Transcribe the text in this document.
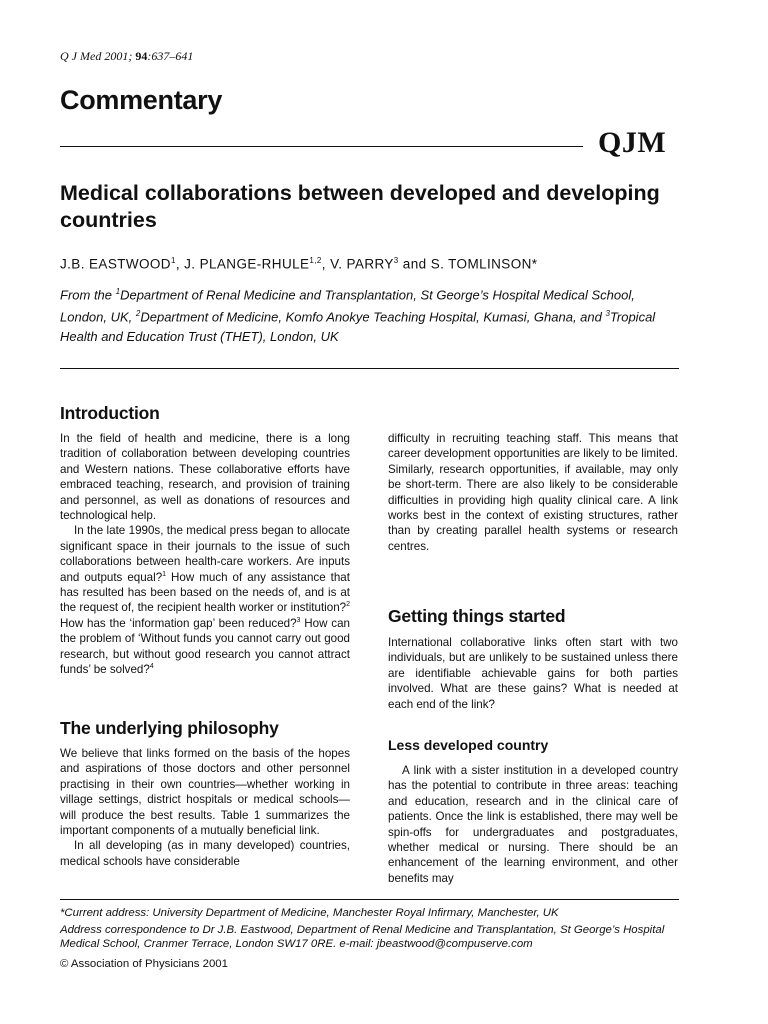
Q J Med 2001; 94:637–641
Commentary
QJM
Medical collaborations between developed and developing countries
J.B. EASTWOOD$^1$, J. PLANGE-RHULE$^{1,2}$, V. PARRY$^3$ and S. TOMLINSON*
From the $^1$Department of Renal Medicine and Transplantation, St George’s Hospital Medical School, London, UK, $^2$Department of Medicine, Komfo Anokye Teaching Hospital, Kumasi, Ghana, and $^3$Tropical Health and Education Trust (THET), London, UK
Introduction
The underlying philosophy

In the field of health and medicine, there is a long tradition of collaboration between developing countries and Western nations. These collaborative efforts have embraced teaching, research, and provision of training and personnel, as well as donations of resources and technological help.

In the late 1990s, the medical press began to allocate significant space in their journals to the issue of such collaborations between health-care workers. Are inputs and outputs equal?$^1$ How much of any assistance that has resulted has been based on the needs of, and is at the request of, the recipient health worker or institution?$^2$ How has the ‘information gap’ been reduced?$^3$ How can the problem of ‘Without funds you cannot carry out good research, but without good research you cannot attract funds’ be solved?$^4$

We believe that links formed on the basis of the hopes and aspirations of those doctors and other personnel practising in their own countries—whether working in village settings, district hospitals or medical schools—will produce the best results. Table 1 summarizes the important components of a mutually beneficial link.

In all developing (as in many developed) countries, medical schools have considerable

difficulty in recruiting teaching staff. This means that career development opportunities are likely to be limited. Similarly, research opportunities, if available, may only be short-term. There are also likely to be considerable difficulties in providing high quality clinical care. A link works best in the context of existing structures, rather than by creating parallel health systems or research centres.

Getting things started

International collaborative links often start with two individuals, but are unlikely to be sustained unless there are identifiable achievable gains for both parties involved. What are these gains? What is needed at each end of the link?

Less developed country

A link with a sister institution in a developed country has the potential to contribute in three areas: teaching and education, research and in the clinical care of patients. Once the link is established, there may well be spin-offs for undergraduates and postgraduates, whether medical or nursing. There should be an enhancement of the learning environment, and other benefits may

*Current address: University Department of Medicine, Manchester Royal Infirmary, Manchester, UK
Address correspondence to Dr J.B. Eastwood, Department of Renal Medicine and Transplantation, St George’s Hospital Medical School, Cranmer Terrace, London SW17 0RE. e-mail: jbeastwood@compuserve.com
© Association of Physicians 2001
